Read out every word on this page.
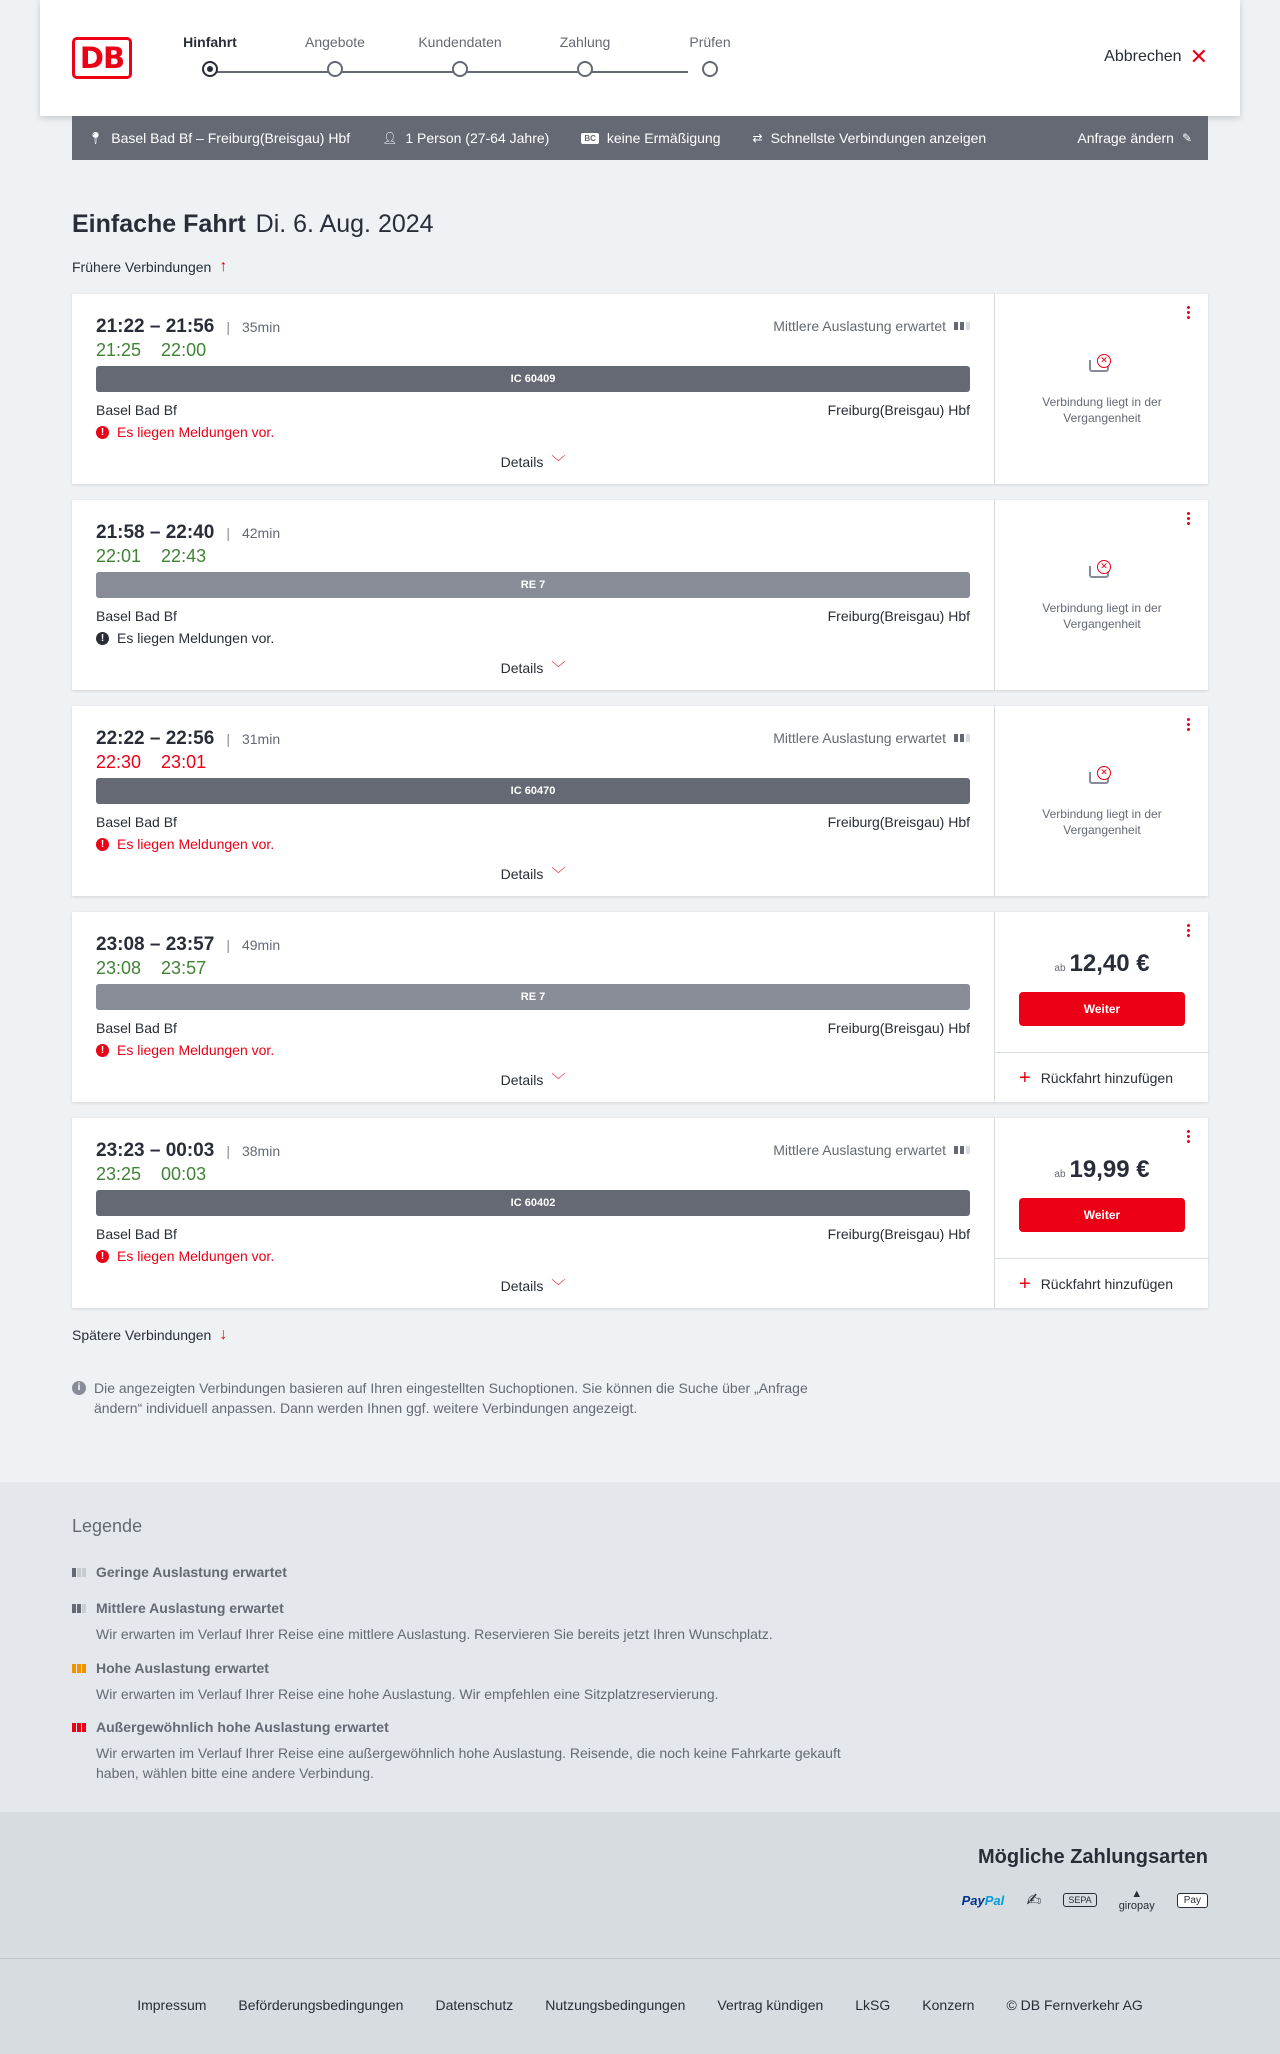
DB	Hinfahrt	Angebote	Kundendaten	Zahlung	Prüfen
Abbrechen ✕
📍︎ Basel Bad Bf – Freiburg(Breisgau) Hbf	👤︎ 1 Person (27-64 Jahre)	BC keine Ermäßigung	⇄ Schnellste Verbindungen anzeigen	Anfrage ändern ✎
Einfache Fahrt Di. 6. Aug. 2024
Frühere Verbindungen ↑
21:22 – 21:56 | 35min
21:25 22:00
Mittlere Auslastung erwartet
IC 60409
Basel Bad Bf	Freiburg(Breisgau) Hbf
! Es liegen Meldungen vor.
Details ﹀
✕
Verbindung liegt in der Vergangenheit
21:58 – 22:40 | 42min
22:01 22:43
RE 7
Basel Bad Bf	Freiburg(Breisgau) Hbf
! Es liegen Meldungen vor.
Details ﹀
✕
Verbindung liegt in der Vergangenheit
22:22 – 22:56 | 31min
22:30 23:01
Mittlere Auslastung erwartet
IC 60470
Basel Bad Bf	Freiburg(Breisgau) Hbf
! Es liegen Meldungen vor.
Details ﹀
✕
Verbindung liegt in der Vergangenheit
23:08 – 23:57 | 49min
23:08 23:57
RE 7
Basel Bad Bf	Freiburg(Breisgau) Hbf
! Es liegen Meldungen vor.
Details ﹀
ab 12,40 €
Weiter
+ Rückfahrt hinzufügen
23:23 – 00:03 | 38min
23:25 00:03
Mittlere Auslastung erwartet
IC 60402
Basel Bad Bf	Freiburg(Breisgau) Hbf
! Es liegen Meldungen vor.
Details ﹀
ab 19,99 €
Weiter
+ Rückfahrt hinzufügen
Spätere Verbindungen ↓
i Die angezeigten Verbindungen basieren auf Ihren eingestellten Suchoptionen. Sie können die Suche über „Anfrage ändern“ individuell anpassen. Dann werden Ihnen ggf. weitere Verbindungen angezeigt.
Legende
Geringe Auslastung erwartet
Mittlere Auslastung erwartet
Wir erwarten im Verlauf Ihrer Reise eine mittlere Auslastung. Reservieren Sie bereits jetzt Ihren Wunschplatz.
Hohe Auslastung erwartet
Wir erwarten im Verlauf Ihrer Reise eine hohe Auslastung. Wir empfehlen eine Sitzplatzreservierung.
Außergewöhnlich hohe Auslastung erwartet
Wir erwarten im Verlauf Ihrer Reise eine außergewöhnlich hohe Auslastung. Reisende, die noch keine Fahrkarte gekauft haben, wählen bitte eine andere Verbindung.
Mögliche Zahlungsarten
PayPal ✍︎	SEPA	▲
giropay	Pay
Impressum Beförderungsbedingungen Datenschutz Nutzungsbedingungen Vertrag kündigen LkSG Konzern © DB Fernverkehr AG
